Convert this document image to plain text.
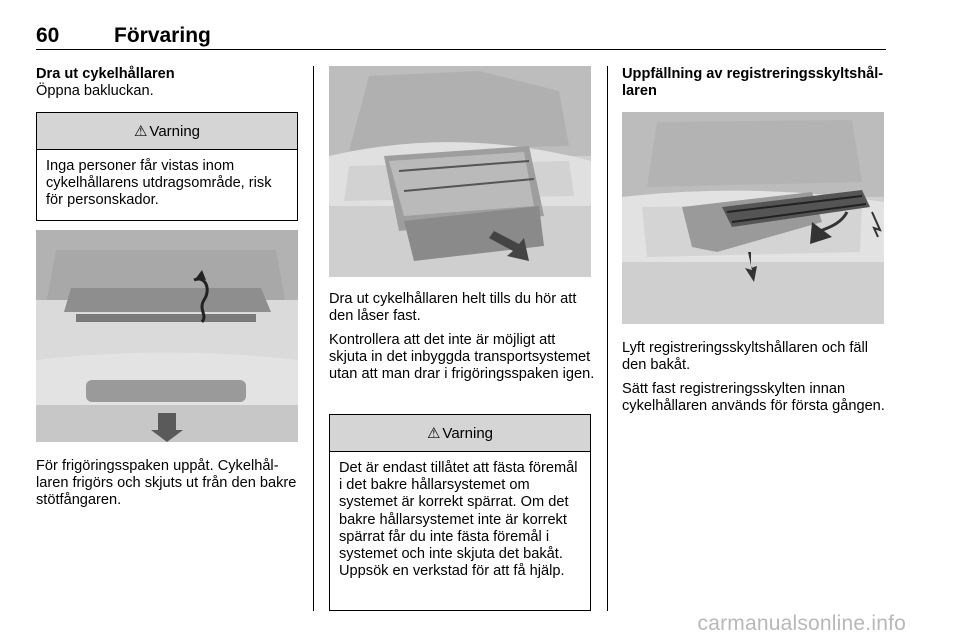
60	Förvaring

Dra ut cykelhållaren

Öppna bakluckan.

⚠ Varning
Inga personer får vistas inom cykelhållarens utdragsområde, risk för personskador.

För frigöringsspaken uppåt. Cykelhållaren frigörs och skjuts ut från den bakre stötfångaren.

Dra ut cykelhållaren helt tills du hör att den låser fast.

Kontrollera att det inte är möjligt att skjuta in det inbyggda transportsystemet utan att man drar i frigöringsspaken igen.

⚠ Varning
Det är endast tillåtet att fästa föremål i det bakre hållarsystemet om systemet är korrekt spärrat. Om det bakre hållarsystemet inte är korrekt spärrat får du inte fästa föremål i systemet och inte skjuta det bakåt. Uppsök en verkstad för att få hjälp.

Uppfällning av registreringsskyltshållaren

Lyft registreringsskyltshållaren och fäll den bakåt.

Sätt fast registreringsskylten innan cykelhållaren används för första gången.

carmanualsonline.info
